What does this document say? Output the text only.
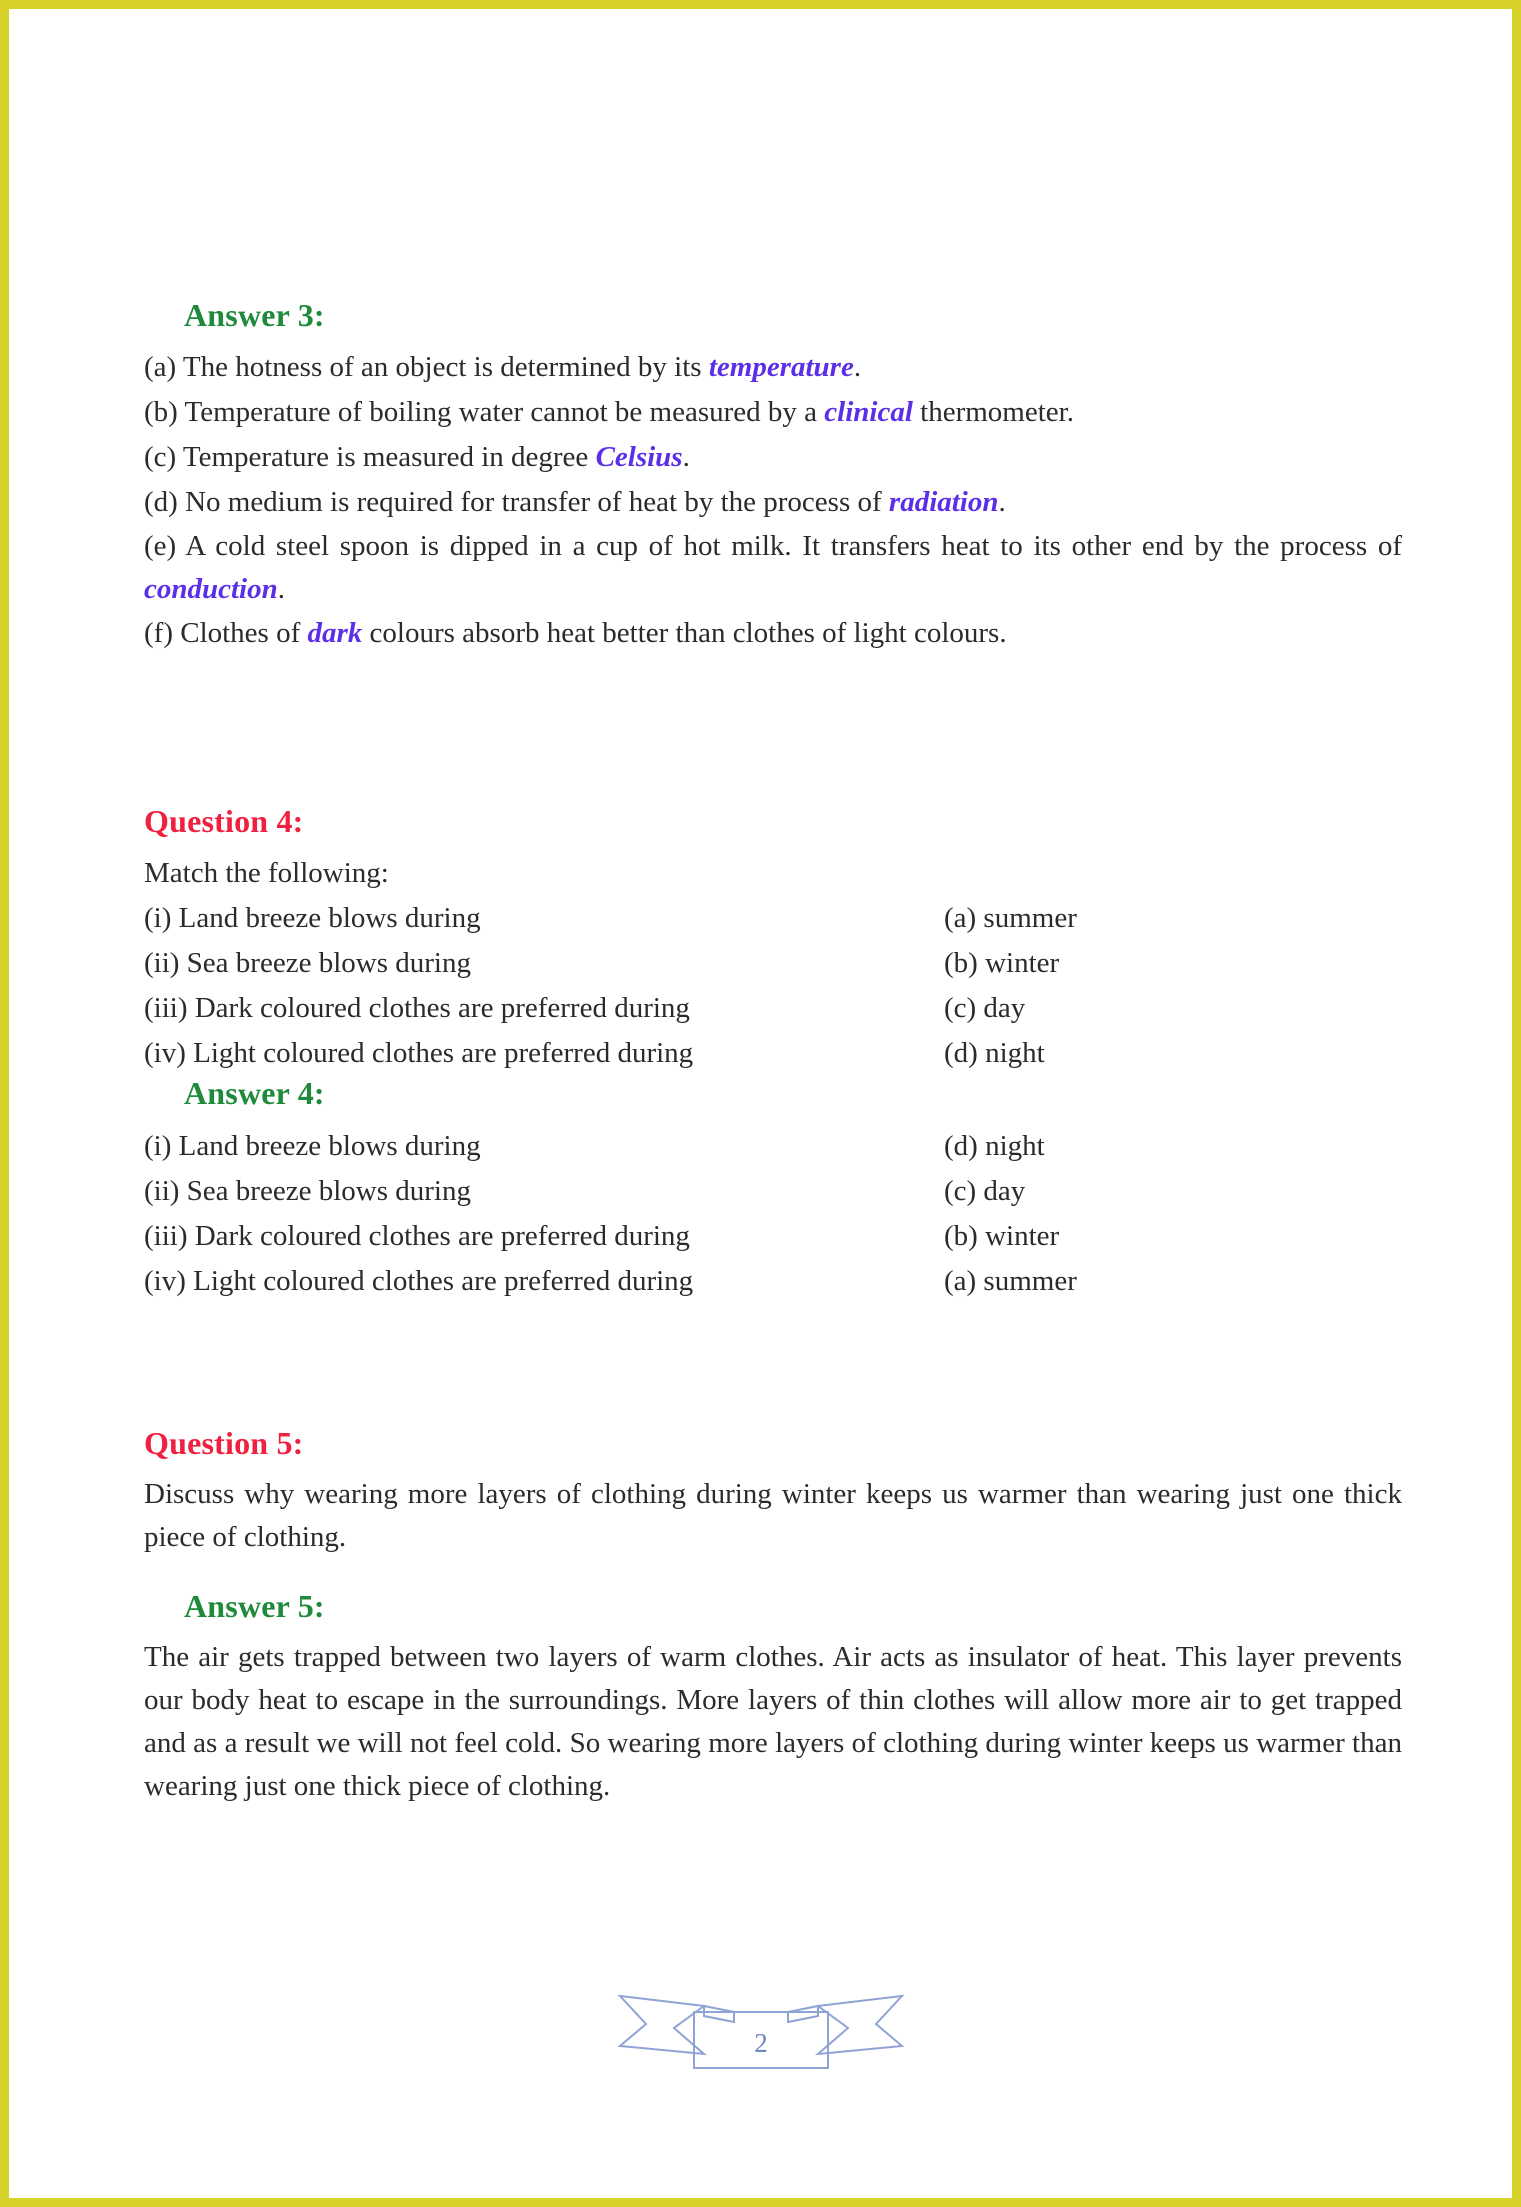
Answer 3:
(a) The hotness of an object is determined by its temperature.
(b) Temperature of boiling water cannot be measured by a clinical thermometer.
(c) Temperature is measured in degree Celsius.
(d) No medium is required for transfer of heat by the process of radiation.
(e) A cold steel spoon is dipped in a cup of hot milk. It transfers heat to its other end by the process of conduction.
(f) Clothes of dark colours absorb heat better than clothes of light colours.
Question 4:
Match the following:
(i) Land breeze blows during	(a) summer
(ii) Sea breeze blows during	(b) winter
(iii) Dark coloured clothes are preferred during	(c) day
(iv) Light coloured clothes are preferred during	(d) night
Answer 4:
(i) Land breeze blows during	(d) night
(ii) Sea breeze blows during	(c) day
(iii) Dark coloured clothes are preferred during	(b) winter
(iv) Light coloured clothes are preferred during	(a) summer
Question 5:
Discuss why wearing more layers of clothing during winter keeps us warmer than wearing just one thick piece of clothing.
Answer 5:
The air gets trapped between two layers of warm clothes. Air acts as insulator of heat. This layer prevents our body heat to escape in the surroundings. More layers of thin clothes will allow more air to get trapped and as a result we will not feel cold. So wearing more layers of clothing during winter keeps us warmer than wearing just one thick piece of clothing.
2
